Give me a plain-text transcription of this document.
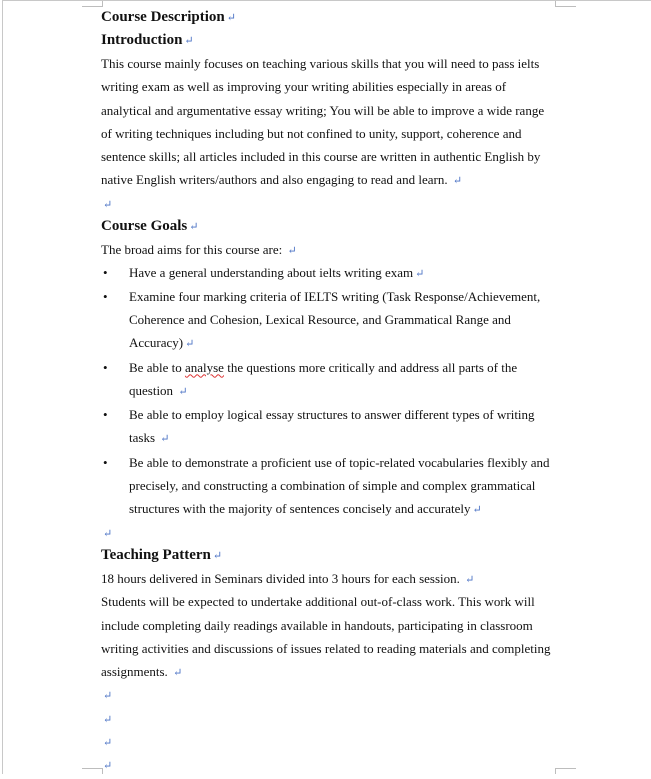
Course Description ↵
Introduction ↵
This course mainly focuses on teaching various skills that you will need to pass ielts
writing exam as well as improving your writing abilities especially in areas of
analytical and argumentative essay writing; You will be able to improve a wide range
of writing techniques including but not confined to unity, support, coherence and
sentence skills; all articles included in this course are written in authentic English by
native English writers/authors and also engaging to read and learn. ↵
↵
Course Goals ↵
The broad aims for this course are: ↵
• Have a general understanding about ielts writing exam ↵
• Examine four marking criteria of IELTS writing (Task Response/Achievement,
Coherence and Cohesion, Lexical Resource, and Grammatical Range and
Accuracy) ↵
• Be able to analyse the questions more critically and address all parts of the
question ↵
• Be able to employ logical essay structures to answer different types of writing
tasks ↵
• Be able to demonstrate a proficient use of topic-related vocabularies flexibly and
precisely, and constructing a combination of simple and complex grammatical
structures with the majority of sentences concisely and accurately ↵
↵
Teaching Pattern ↵
18 hours delivered in Seminars divided into 3 hours for each session. ↵
Students will be expected to undertake additional out-of-class work. This work will
include completing daily readings available in handouts, participating in classroom
writing activities and discussions of issues related to reading materials and completing
assignments. ↵
↵
↵
↵
↵
